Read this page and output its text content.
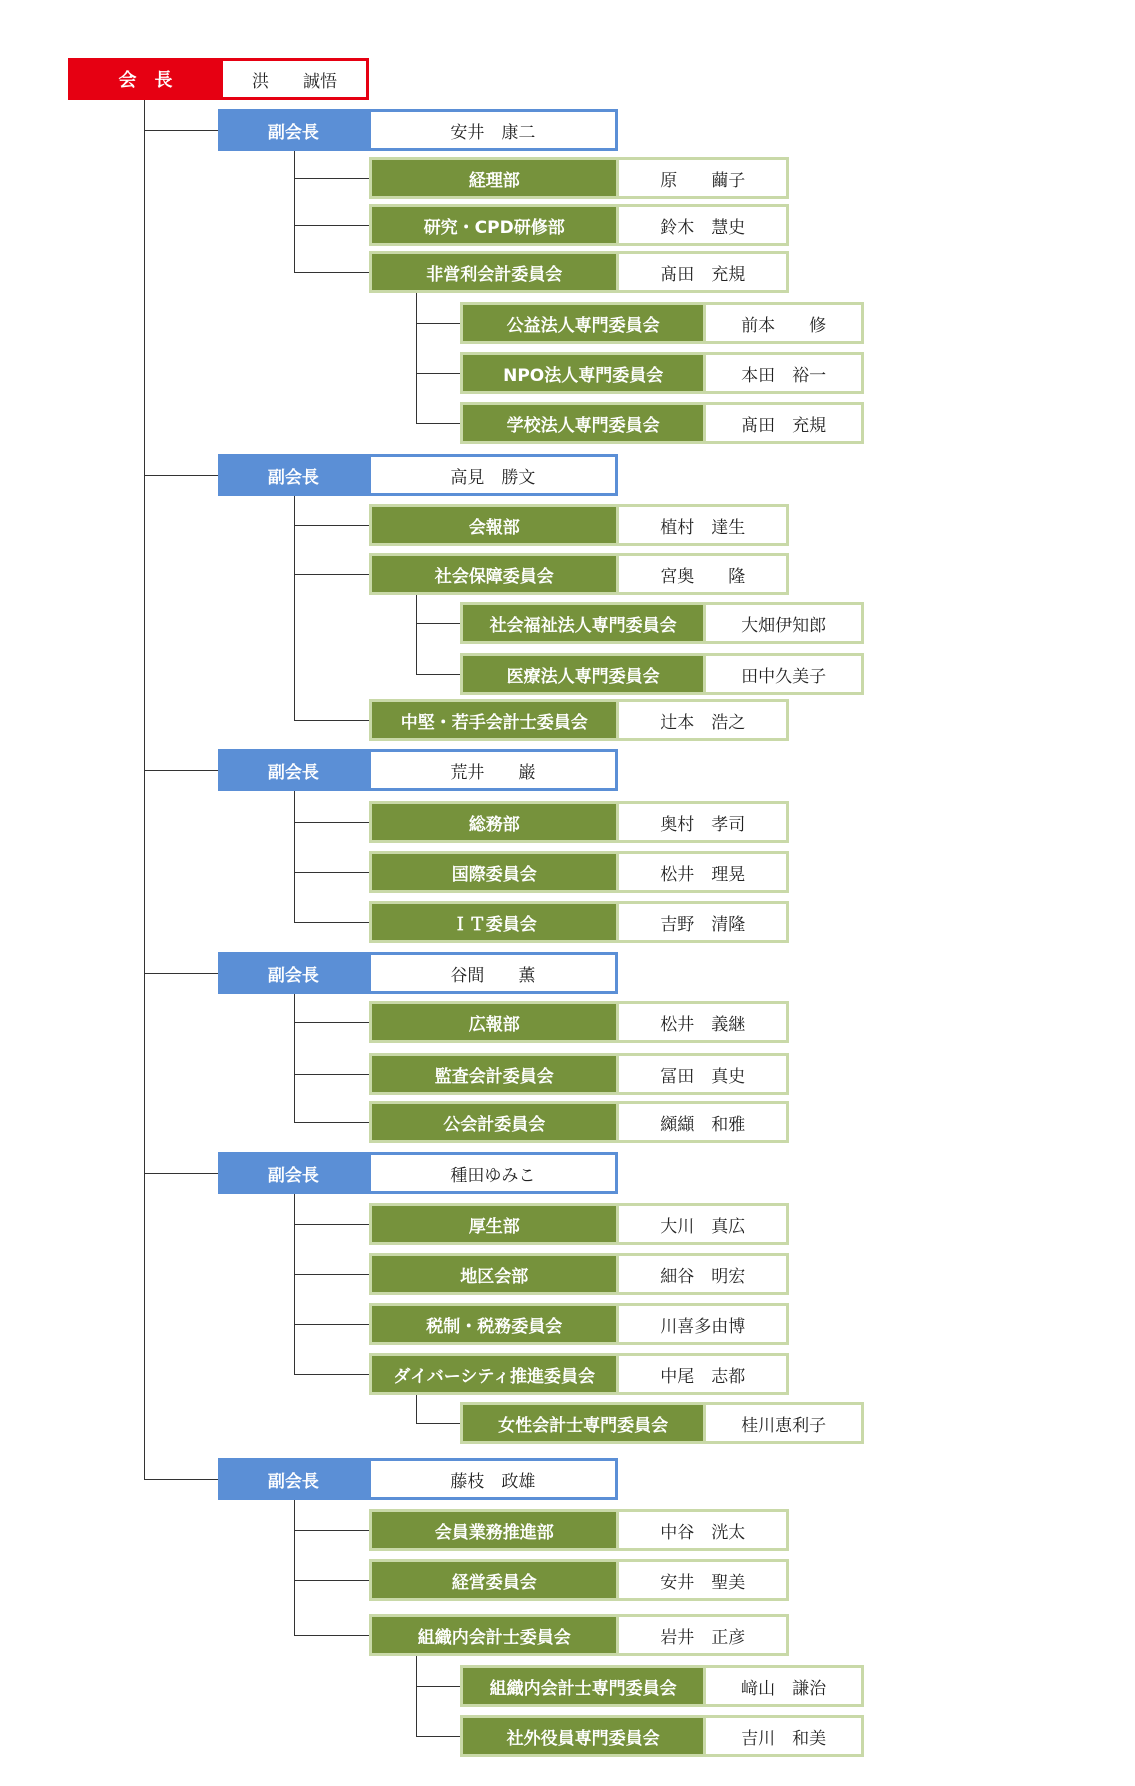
会　長	洪　　誠悟
副会長	安井　康二
経理部	原　　繭子
研究・CPD研修部	鈴木　慧史
非営利会計委員会	髙田　充規
公益法人専門委員会	前本　　修
NPO法人専門委員会	本田　裕一
学校法人専門委員会	髙田　充規
副会長	高見　勝文
会報部	植村　達生
社会保障委員会	宮奥　　隆
社会福祉法人専門委員会	大畑伊知郎
医療法人専門委員会	田中久美子
中堅・若手会計士委員会	辻本　浩之
副会長	荒井　　巌
総務部	奥村　孝司
国際委員会	松井　理晃
ＩＴ委員会	吉野　清隆
副会長	谷間　　薫
広報部	松井　義継
監査会計委員会	冨田　真史
公会計委員会	纐纈　和雅
副会長	種田ゆみこ
厚生部	大川　真広
地区会部	細谷　明宏
税制・税務委員会	川喜多由博
ダイバーシティ推進委員会	中尾　志都
女性会計士専門委員会	桂川恵利子
副会長	藤枝　政雄
会員業務推進部	中谷　洸太
経営委員会	安井　聖美
組織内会計士委員会	岩井　正彦
組織内会計士専門委員会	﨑山　謙治
社外役員専門委員会	吉川　和美
